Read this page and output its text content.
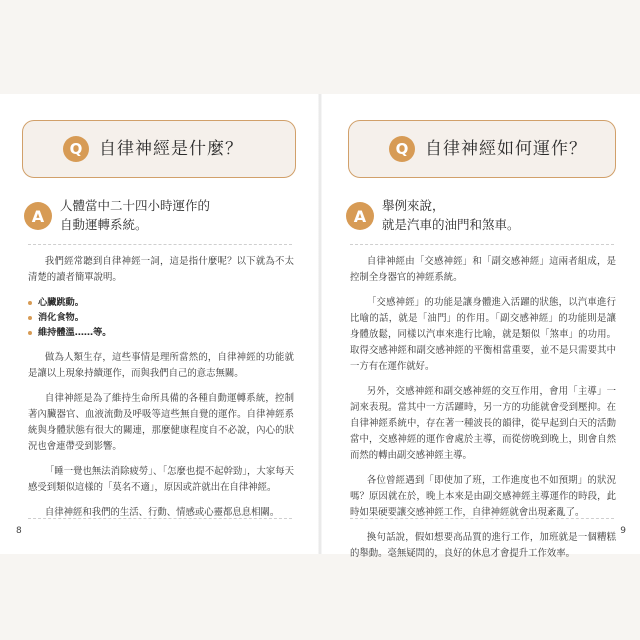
Q 自律神經是什麼？
A
人體當中二十四小時運作的
自動運轉系統。

我們經常聽到自律神經一詞，這是指什麼呢？以下就為不太清楚的讀者簡單說明。

心臟跳動。
消化食物。
維持體溫……等。

做為人類生存，這些事情是理所當然的，自律神經的功能就是讓以上現象持續運作，而與我們自己的意志無關。

自律神經是為了維持生命所具備的各種自動運轉系統，控制著內臟器官、血液流動及呼吸等這些無自覺的運作。自律神經系統與身體狀態有很大的關連，那麼健康程度自不必說，內心的狀況也會連帶受到影響。

「睡一覺也無法消除疲勞」、「怎麼也提不起幹勁」，大家每天感受到類似這樣的「莫名不適」，原因或許就出在自律神經。

自律神經和我們的生活、行動、情感或心靈都息息相關。

8
Q 自律神經如何運作？
A
舉例來說，
就是汽車的油門和煞車。

自律神經由「交感神經」和「副交感神經」這兩者組成，是控制全身器官的神經系統。

「交感神經」的功能是讓身體進入活躍的狀態，以汽車進行比喻的話，就是「油門」的作用。「副交感神經」的功能則是讓身體放鬆，同樣以汽車來進行比喻，就是類似「煞車」的功用。取得交感神經和副交感神經的平衡相當重要，並不是只需要其中一方有在運作就好。

另外，交感神經和副交感神經的交互作用，會用「主導」一詞來表現。當其中一方活躍時，另一方的功能就會受到壓抑。在自律神經系統中，存在著一種波長的韻律，從早起到白天的活動當中，交感神經的運作會處於主導，而從傍晚到晚上，則會自然而然的轉由副交感神經主導。

各位曾經遇到「即使加了班，工作進度也不如預期」的狀況嗎？原因就在於，晚上本來是由副交感神經主導運作的時段，此時如果硬要讓交感神經工作，自律神經就會出現紊亂了。

換句話說，假如想要高品質的進行工作，加班就是一個糟糕的舉動。毫無疑問的，良好的休息才會提升工作效率。

9
